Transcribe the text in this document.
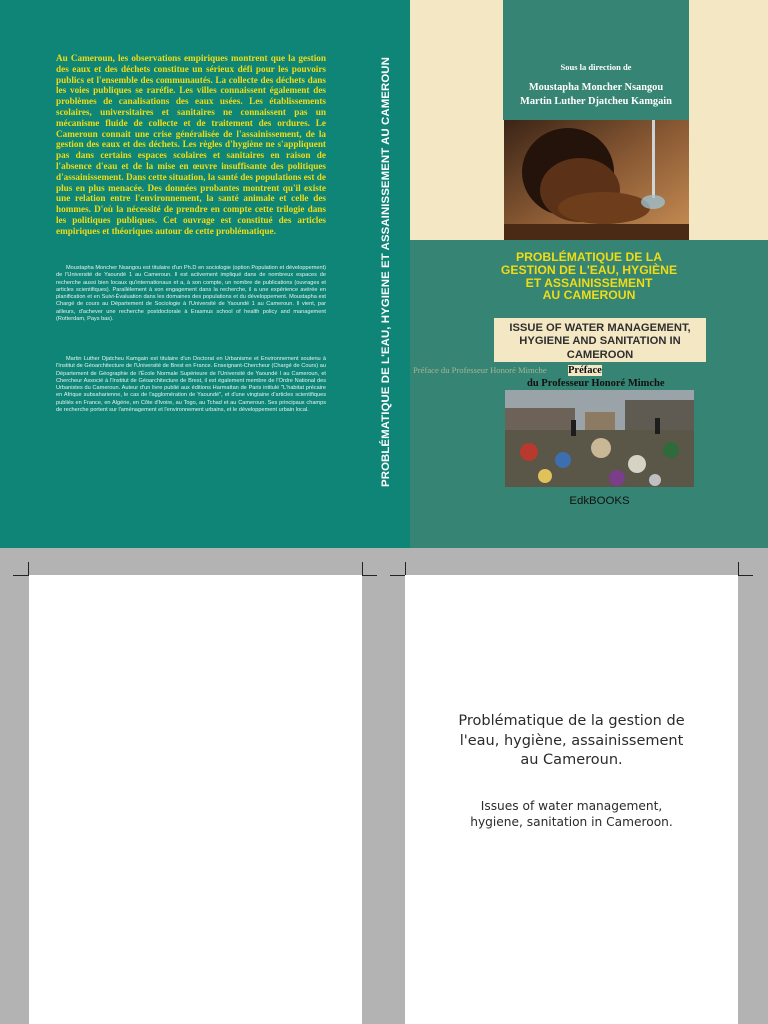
Au Cameroun, les observations empiriques montrent que la gestion des eaux et des déchets constitue un sérieux défi pour les pouvoirs publics et l'ensemble des communautés. La collecte des déchets dans les voies publiques se raréfie. Les villes connaissent également des problèmes de canalisations des eaux usées. Les établissements scolaires, universitaires et sanitaires ne connaissent pas un mécanisme fluide de collecte et de traitement des ordures. Le Cameroun connait une crise généralisée de l'assainissement, de la gestion des eaux et des déchets. Les règles d'hygiène ne s'appliquent pas dans certains espaces scolaires et sanitaires en raison de l'absence d'eau et de la mise en œuvre insuffisante des politiques d'assainissement. Dans cette situation, la santé des populations est de plus en plus menacée. Des données probantes montrent qu'il existe une relation entre l'environnement, la santé animale et celle des hommes. D'où la nécessité de prendre en compte cette trilogie dans les politiques publiques. Cet ouvrage est constitué des articles empiriques et théoriques autour de cette problématique.

Moustapha Moncher Nsangou est titulaire d'un Ph.D en sociologie (option Population et développement) de l'Université de Yaoundé 1 au Cameroun. Il est activement impliqué dans de nombreux espaces de recherche aussi bien locaux qu'internationaux et a, à son compte, un nombre de publications (ouvrages et articles scientifiques). Parallèlement à son engagement dans la recherche, il a une expérience avérée en planification et en Suivi-Évaluation dans les domaines des populations et du développement. Moustapha est Chargé de cours au Département de Sociologie à l'Université de Yaoundé 1 au Cameroun. Il vient, par ailleurs, d'achever une recherche postdoctorale à Erasmus school of health policy and management (Rotterdam, Pays bas).

Martin Luther Djatcheu Kamgain est titulaire d'un Doctorat en Urbanisme et Environnement soutenu à l'Institut de Géoarchitecture de l'Université de Brest en France. Enseignant-Chercheur (Chargé de Cours) au Département de Géographie de l'École Normale Supérieure de l'Université de Yaoundé I au Cameroun, et Chercheur Associé à l'Institut de Géoarchitecture de Brest, il est également membre de l'Ordre National des Urbanistes du Cameroun. Auteur d'un livre publié aux éditions Harmattan de Paris intitulé "L'habitat précaire en Afrique subsaharienne, le cas de l'agglomération de Yaoundé", et d'une vingtaine d'articles scientifiques publiés en France, en Algérie, en Côte d'Ivoire, au Togo, au Tchad et au Cameroun. Ses principaux champs de recherche portent sur l'aménagement et l'environnement urbains, et le développement urbain local.	PROBLÉMATIQUE DE L'EAU, HYGIENE ET ASSAINISSEMENT AU CAMEROUN	Sous la direction de
Moustapha Moncher Nsangou
Martin Luther Djatcheu Kamgain

PROBLÉMATIQUE DE LA
GESTION DE L'EAU, HYGIÈNE
ET ASSAINISSEMENT
AU CAMEROUN

ISSUE OF WATER MANAGEMENT,
HYGIENE AND SANITATION IN
CAMEROON

Préface du Professeur Honoré Mimche Préface
du Professeur Honoré Mimche
EdkBOOKS

Problématique de la gestion de l'eau, hygiène, assainissement au Cameroun.

Issues of water management, hygiene, sanitation in Cameroon.
